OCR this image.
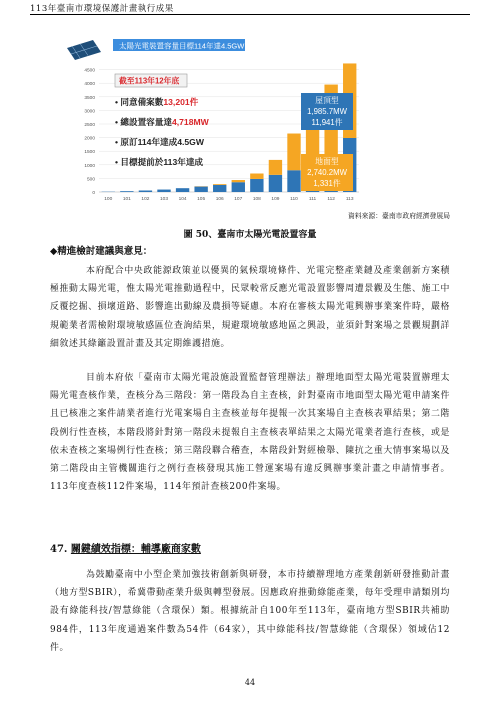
113年臺南市環境保護計畫執行成果
0
500
1000
1500
2000
2500
3000
3500
4000
4500
100 101 102 103 104 105 106 107 108 109 110 111 112 113
太陽光電裝置容量目標114年達4.5GW
截至113年12年底
• 同意備案數13,201件
• 總設置容量達4,718MW
• 原訂114年達成4.5GW
• 目標提前於113年達成
屋頂型
1,985.7MW
11,941件
地面型
2,740.2MW
1,331件
資料來源：臺南市政府經濟發展局
圖 50、臺南市太陽光電設置容量
◆精進檢討建議與意見：
本府配合中央政能源政策並以優異的氣候環境條件、光電完整產業鏈及產業創新方案積極推動太陽光電，惟太陽光電推動過程中，民眾較常反應光電設置影響周遭景觀及生態、施工中反覆挖掘、損壞道路、影響進出動線及農損等疑慮。本府在審核太陽光電興辦事業案件時，嚴格規範業者需檢附環境敏感區位查詢結果，規避環境敏感地區之興設，並須針對案場之景觀規劃詳細敘述其綠籬設置計畫及其定期維護措施。
目前本府依「臺南市太陽光電設施設置監督管理辦法」辦理地面型太陽光電裝置辦理太陽光電查核作業，查核分為三階段：第一階段為自主查核，針對臺南市地面型太陽光電申請案件且已核准之案件請業者進行光電案場自主查核並每年提報一次其案場自主查核表單結果；第二階段例行性查核，本階段將針對第一階段未提報自主查核表單結果之太陽光電業者進行查核，或是依未查核之案場例行性查核；第三階段聯合稽查，本階段針對經檢舉、陳抗之重大情事案場以及第二階段由主管機關進行之例行查核發現其施工營運案場有違反興辦事業計畫之申請情事者。113年度查核112件案場，114年預計查核200件案場。
47. 關鍵績效指標：輔導廠商家數
為鼓勵臺南中小型企業加強技術創新與研發，本市持續辦理地方產業創新研發推動計畫（地方型SBIR），希冀帶動產業升級與轉型發展。因應政府推動綠能產業，每年受理申請類別均設有綠能科技/智慧綠能（含環保）類。根據統計自100年至113年，臺南地方型SBIR共補助984件，113年度通過案件數為54件（64家），其中綠能科技/智慧綠能（含環保）領域佔12件。
44
